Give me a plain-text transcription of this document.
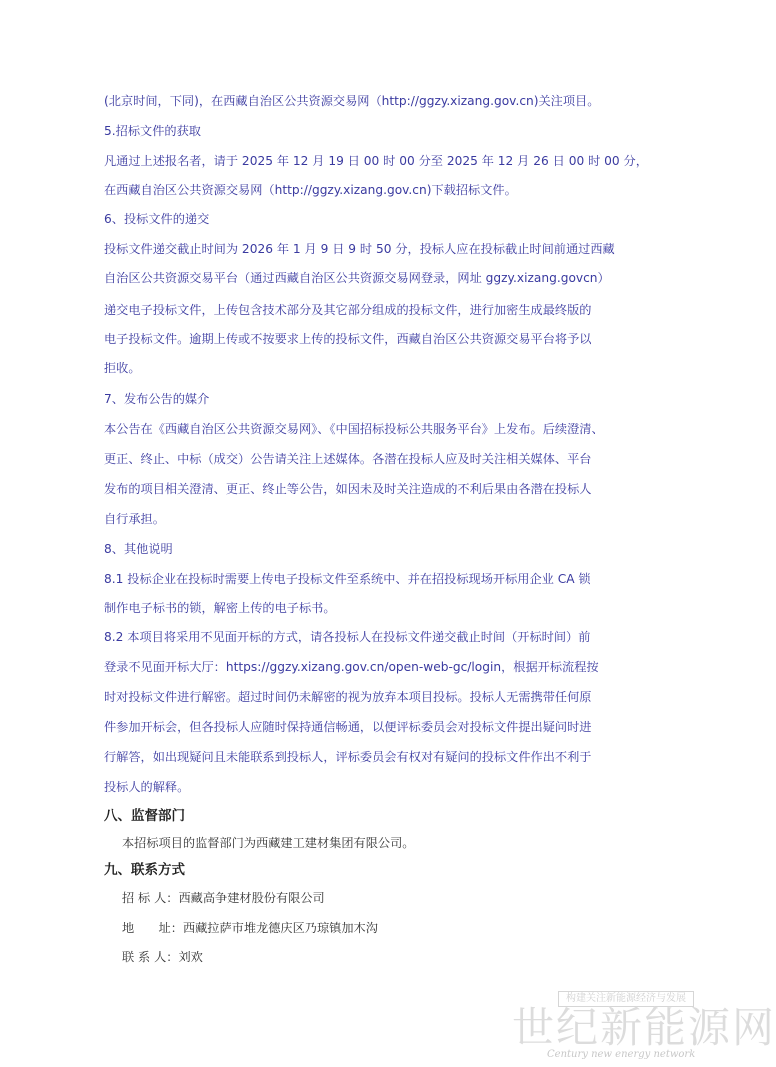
(北京时间，下同)，在西藏自治区公共资源交易网（http://ggzy.xizang.gov.cn)关注项目。
5.招标文件的获取
凡通过上述报名者，请于 2025 年 12 月 19 日 00 时 00 分至 2025 年 12 月 26 日 00 时 00 分，
在西藏自治区公共资源交易网（http://ggzy.xizang.gov.cn)下载招标文件。
6、投标文件的递交
投标文件递交截止时间为 2026 年 1 月 9 日 9 时 50 分，投标人应在投标截止时间前通过西藏
自治区公共资源交易平台（通过西藏自治区公共资源交易网登录，网址 ggzy.xizang.govcn）
递交电子投标文件，上传包含技术部分及其它部分组成的投标文件，进行加密生成最终版的
电子投标文件。逾期上传或不按要求上传的投标文件，西藏自治区公共资源交易平台将予以
拒收。
7、发布公告的媒介
本公告在《西藏自治区公共资源交易网》、《中国招标投标公共服务平台》上发布。后续澄清、
更正、终止、中标（成交）公告请关注上述媒体。各潜在投标人应及时关注相关媒体、平台
发布的项目相关澄清、更正、终止等公告，如因未及时关注造成的不利后果由各潜在投标人
自行承担。
8、其他说明
8.1 投标企业在投标时需要上传电子投标文件至系统中、并在招投标现场开标用企业 CA 锁
制作电子标书的锁，解密上传的电子标书。
8.2 本项目将采用不见面开标的方式，请各投标人在投标文件递交截止时间（开标时间）前
登录不见面开标大厅：https://ggzy.xizang.gov.cn/open-web-gc/login，根据开标流程按
时对投标文件进行解密。超过时间仍未解密的视为放弃本项目投标。投标人无需携带任何原
件参加开标会，但各投标人应随时保持通信畅通，以便评标委员会对投标文件提出疑问时进
行解答，如出现疑问且未能联系到投标人，评标委员会有权对有疑问的投标文件作出不利于
投标人的解释。
八、监督部门
本招标项目的监督部门为西藏建工建材集团有限公司。
九、联系方式
招 标 人：西藏高争建材股份有限公司
地　　址：西藏拉萨市堆龙德庆区乃琼镇加木沟
联 系 人：刘欢
构建关注新能源经济与发展
世纪新能源网
Century new energy network
